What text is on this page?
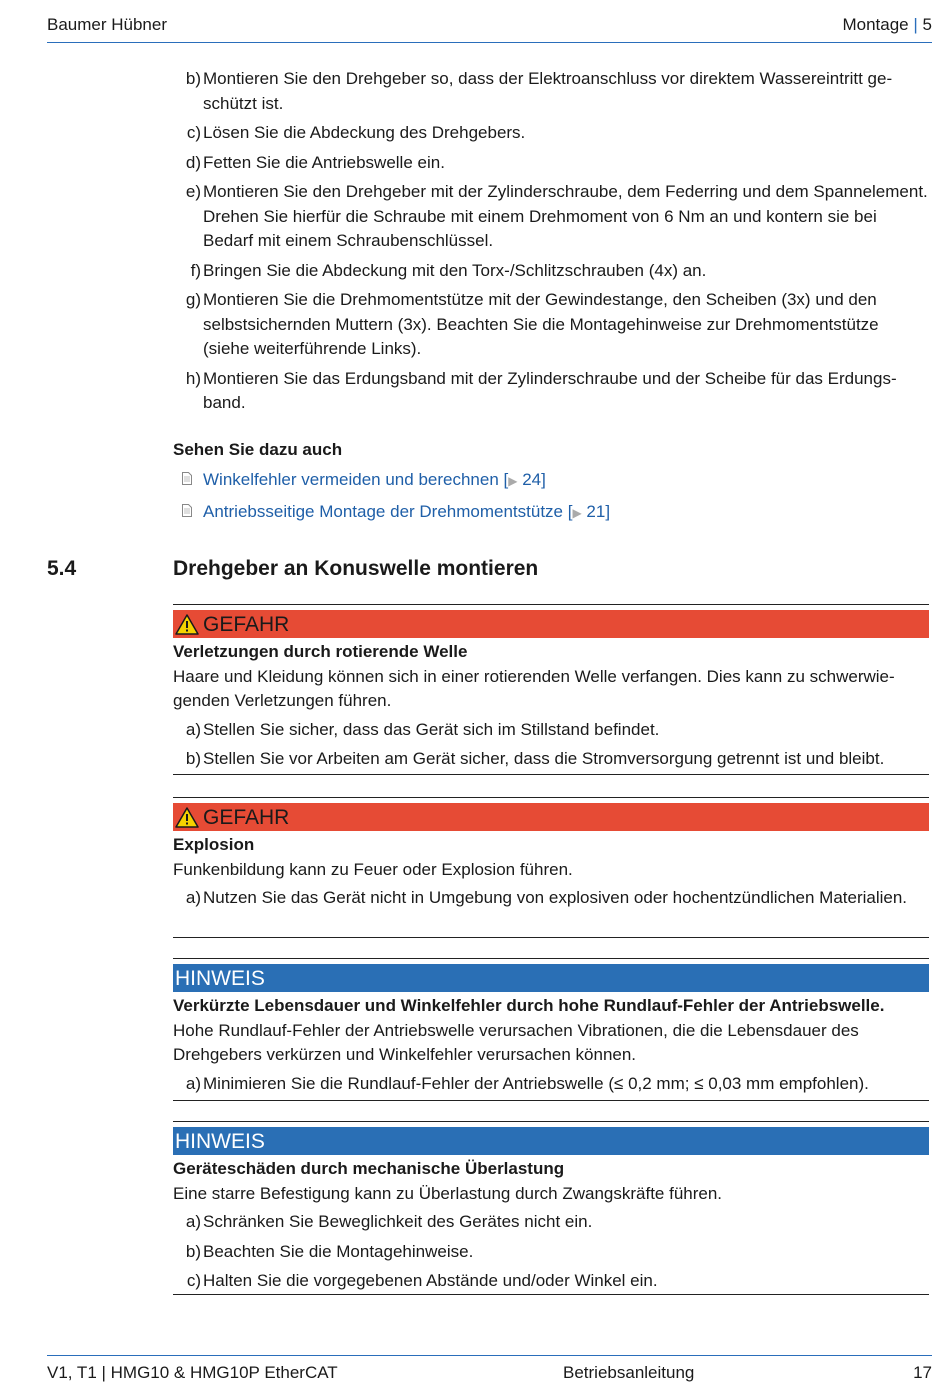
Baumer Hübner	Montage | 5
b) Montieren Sie den Drehgeber so, dass der Elektroanschluss vor direktem Wassereintritt geschützt ist.
c) Lösen Sie die Abdeckung des Drehgebers.
d) Fetten Sie die Antriebswelle ein.
e) Montieren Sie den Drehgeber mit der Zylinderschraube, dem Federring und dem Spannelement. Drehen Sie hierfür die Schraube mit einem Drehmoment von 6 Nm an und kontern sie bei Bedarf mit einem Schraubenschlüssel.
f) Bringen Sie die Abdeckung mit den Torx-/Schlitzschrauben (4x) an.
g) Montieren Sie die Drehmomentstütze mit der Gewindestange, den Scheiben (3x) und den selbstsichernden Muttern (3x). Beachten Sie die Montagehinweise zur Drehmomentstütze (siehe weiterführende Links).
h) Montieren Sie das Erdungsband mit der Zylinderschraube und der Scheibe für das Erdungsband.
Sehen Sie dazu auch
Winkelfehler vermeiden und berechnen [▶ 24]
Antriebsseitige Montage der Drehmomentstütze [▶ 21]
5.4	Drehgeber an Konuswelle montieren
GEFAHR
Verletzungen durch rotierende Welle
Haare und Kleidung können sich in einer rotierenden Welle verfangen. Dies kann zu schwerwiegenden Verletzungen führen.
a) Stellen Sie sicher, dass das Gerät sich im Stillstand befindet.
b) Stellen Sie vor Arbeiten am Gerät sicher, dass die Stromversorgung getrennt ist und bleibt.
GEFAHR
Explosion
Funkenbildung kann zu Feuer oder Explosion führen.
a) Nutzen Sie das Gerät nicht in Umgebung von explosiven oder hochentzündlichen Materialien.
HINWEIS
Verkürzte Lebensdauer und Winkelfehler durch hohe Rundlauf-Fehler der Antriebswelle.
Hohe Rundlauf-Fehler der Antriebswelle verursachen Vibrationen, die die Lebensdauer des Drehgebers verkürzen und Winkelfehler verursachen können.
a) Minimieren Sie die Rundlauf-Fehler der Antriebswelle (≤ 0,2 mm; ≤ 0,03 mm empfohlen).
HINWEIS
Geräteschäden durch mechanische Überlastung
Eine starre Befestigung kann zu Überlastung durch Zwangskräfte führen.
a) Schränken Sie Beweglichkeit des Gerätes nicht ein.
b) Beachten Sie die Montagehinweise.
c) Halten Sie die vorgegebenen Abstände und/oder Winkel ein.
V1, T1 | HMG10 & HMG10P EtherCAT	Betriebsanleitung	17
